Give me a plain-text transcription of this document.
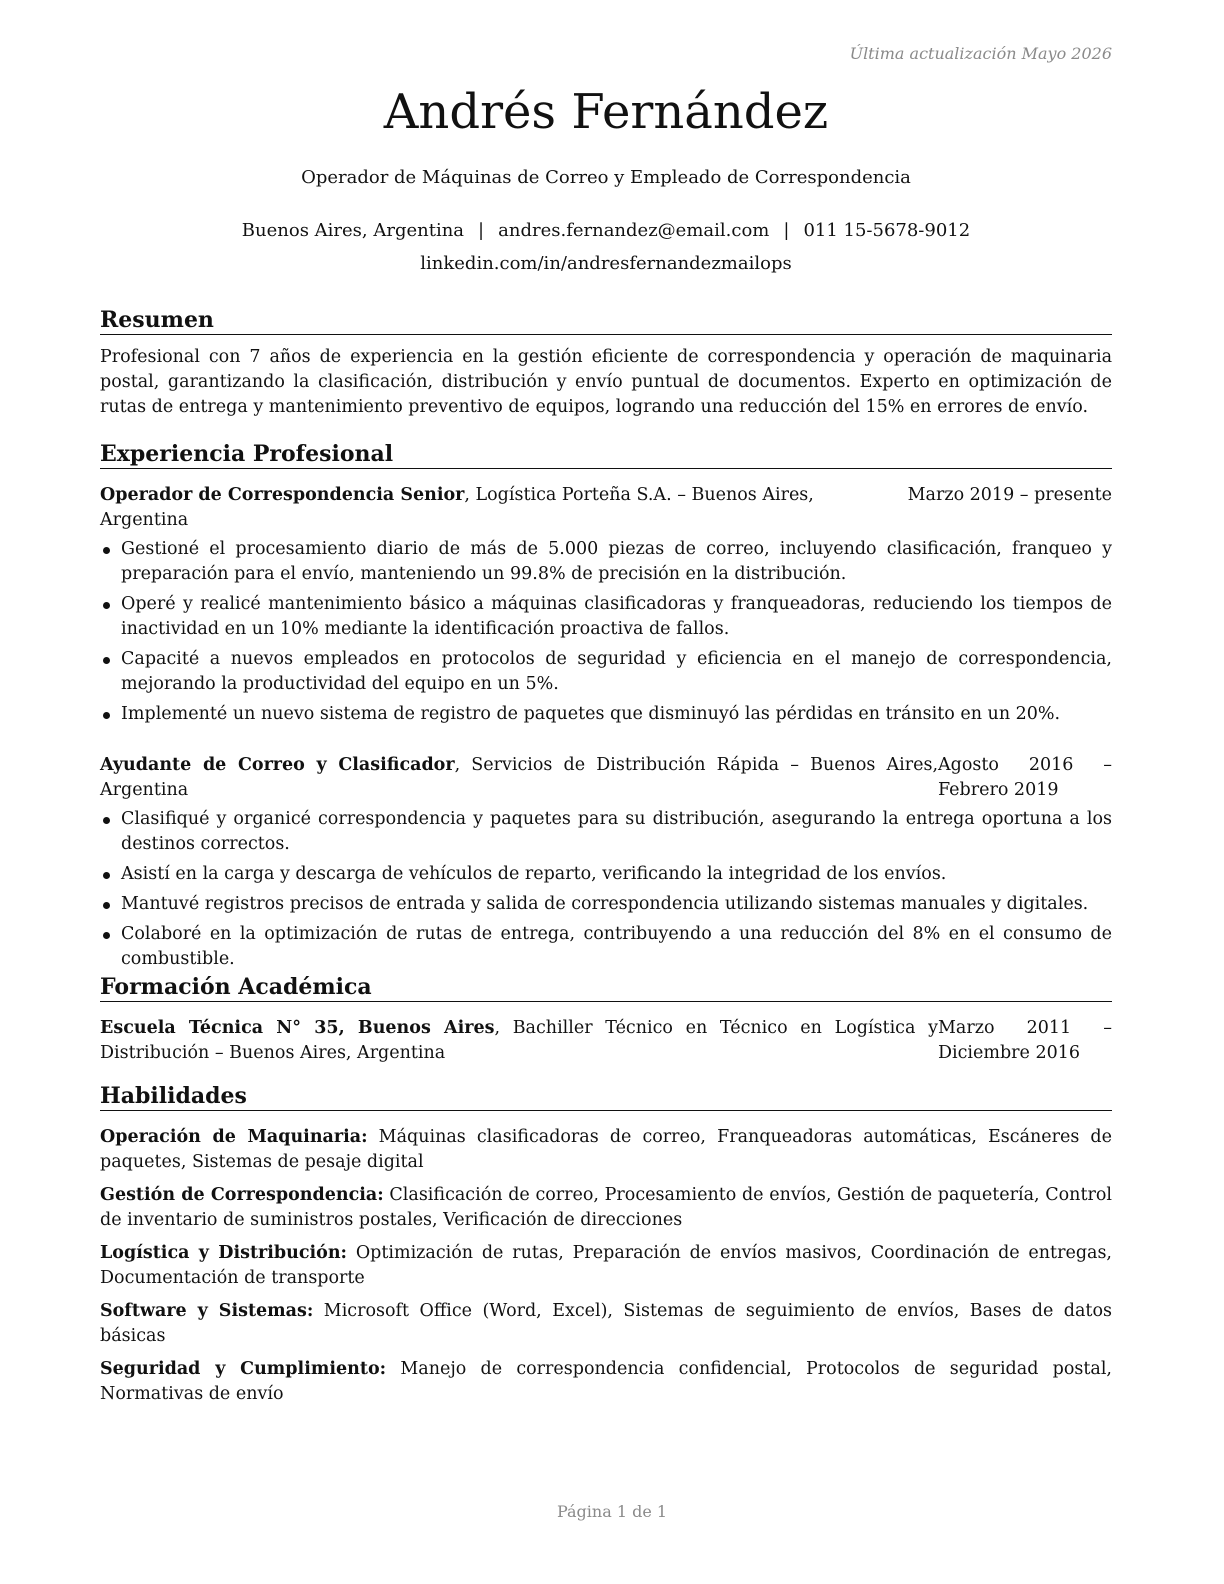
Última actualización Mayo 2026
Andrés Fernández
Operador de Máquinas de Correo y Empleado de Correspondencia
Buenos Aires, Argentina | andres.fernandez@email.com | 011 15-5678-9012
linkedin.com/in/andresfernandezmailops
Resumen
Profesional con 7 años de experiencia en la gestión eficiente de correspondencia y operación de maquinaria postal, garantizando la clasificación, distribución y envío puntual de documentos. Experto en optimización de rutas de entrega y mantenimiento preventivo de equipos, logrando una reducción del 15% en errores de envío.
Experiencia Profesional
Operador de Correspondencia Senior, Logística Porteña S.A. – Buenos Aires, Argentina
Marzo 2019 – presente
Gestioné el procesamiento diario de más de 5.000 piezas de correo, incluyendo clasificación, franqueo y preparación para el envío, manteniendo un 99.8% de precisión en la distribución.
Operé y realicé mantenimiento básico a máquinas clasificadoras y franqueadoras, reduciendo los tiempos de inactividad en un 10% mediante la identificación proactiva de fallos.
Capacité a nuevos empleados en protocolos de seguridad y eficiencia en el manejo de correspondencia, mejorando la productividad del equipo en un 5%.
Implementé un nuevo sistema de registro de paquetes que disminuyó las pérdidas en tránsito en un 20%.
Ayudante de Correo y Clasificador, Servicios de Distribución Rápida – Buenos Aires, Argentina
Agosto 2016 – Febrero 2019
Clasifiqué y organicé correspondencia y paquetes para su distribución, asegurando la entrega oportuna a los destinos correctos.
Asistí en la carga y descarga de vehículos de reparto, verificando la integridad de los envíos.
Mantuvé registros precisos de entrada y salida de correspondencia utilizando sistemas manuales y digitales.
Colaboré en la optimización de rutas de entrega, contribuyendo a una reducción del 8% en el consumo de combustible.
Formación Académica
Escuela Técnica N° 35, Buenos Aires, Bachiller Técnico en Técnico en Logística y Distribución – Buenos Aires, Argentina
Marzo 2011 – Diciembre 2016
Habilidades
Operación de Maquinaria: Máquinas clasificadoras de correo, Franqueadoras automáticas, Escáneres de paquetes, Sistemas de pesaje digital
Gestión de Correspondencia: Clasificación de correo, Procesamiento de envíos, Gestión de paquetería, Control de inventario de suministros postales, Verificación de direcciones
Logística y Distribución: Optimización de rutas, Preparación de envíos masivos, Coordinación de entregas, Documentación de transporte
Software y Sistemas: Microsoft Office (Word, Excel), Sistemas de seguimiento de envíos, Bases de datos básicas
Seguridad y Cumplimiento: Manejo de correspondencia confidencial, Protocolos de seguridad postal, Normativas de envío
Página 1 de 1
